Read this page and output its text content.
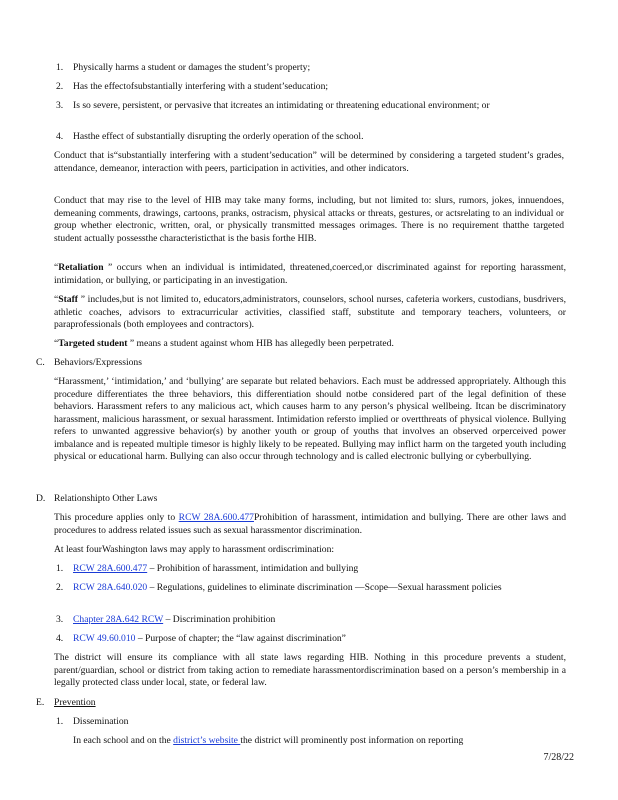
1. Physically harms a student or damages the student’s property;

2. Has the effectofsubstantially interfering with a student’seducation;

3. Is so severe, persistent, or pervasive that itcreates an intimidating or threatening educational environment; or

4. Hasthe effect of substantially disrupting the orderly operation of the school.

Conduct that is“substantially interfering with a student’seducation” will be determined by considering a targeted student’s grades, attendance, demeanor, interaction with peers, participation in activities, and other indicators.

Conduct that may rise to the level of HIB may take many forms, including, but not limited to: slurs, rumors, jokes, innuendoes, demeaning comments, drawings, cartoons, pranks, ostracism, physical attacks or threats, gestures, or actsrelating to an individual or group whether electronic, written, oral, or physically transmitted messages orimages. There is no requirement thatthe targeted student actually possessthe characteristicthat is the basis forthe HIB.

“Retaliation ” occurs when an individual is intimidated, threatened,coerced,or discriminated against for reporting harassment, intimidation, or bullying, or participating in an investigation.

“Staff ” includes,but is not limited to, educators,administrators, counselors, school nurses, cafeteria workers, custodians, busdrivers, athletic coaches, advisors to extracurricular activities, classified staff, substitute and temporary teachers, volunteers, or paraprofessionals (both employees and contractors).

“Targeted student ” means a student against whom HIB has allegedly been perpetrated.

C. Behaviors/Expressions

“Harassment,’ ‘intimidation,’ and ‘bullying’ are separate but related behaviors. Each must be addressed appropriately. Although this procedure differentiates the three behaviors, this differentiation should notbe considered part of the legal definition of these behaviors. Harassment refers to any malicious act, which causes harm to any person’s physical wellbeing. Itcan be discriminatory harassment, malicious harassment, or sexual harassment. Intimidation refersto implied or overtthreats of physical violence. Bullying refers to unwanted aggressive behavior(s) by another youth or group of youths that involves an observed orperceived power imbalance and is repeated multiple timesor is highly likely to be repeated. Bullying may inflict harm on the targeted youth including physical or educational harm. Bullying can also occur through technology and is called electronic bullying or cyberbullying.

D. Relationshipto Other Laws

This procedure applies only to RCW 28A.600.477Prohibition of harassment, intimidation and bullying. There are other laws and procedures to address related issues such as sexual harassmentor discrimination.

At least fourWashington laws may apply to harassment ordiscrimination:

1. RCW 28A.600.477 – Prohibition of harassment, intimidation and bullying

2. RCW 28A.640.020 – Regulations, guidelines to eliminate discrimination —Scope—Sexual harassment policies

3. Chapter 28A.642 RCW – Discrimination prohibition

4. RCW 49.60.010 – Purpose of chapter; the “law against discrimination”

The district will ensure its compliance with all state laws regarding HIB. Nothing in this procedure prevents a student, parent/guardian, school or district from taking action to remediate harassmentordiscrimination based on a person’s membership in a legally protected class under local, state, or federal law.

E. Prevention
1. Dissemination

In each school and on the district’s website the district will prominently post information on reporting

7/28/22
